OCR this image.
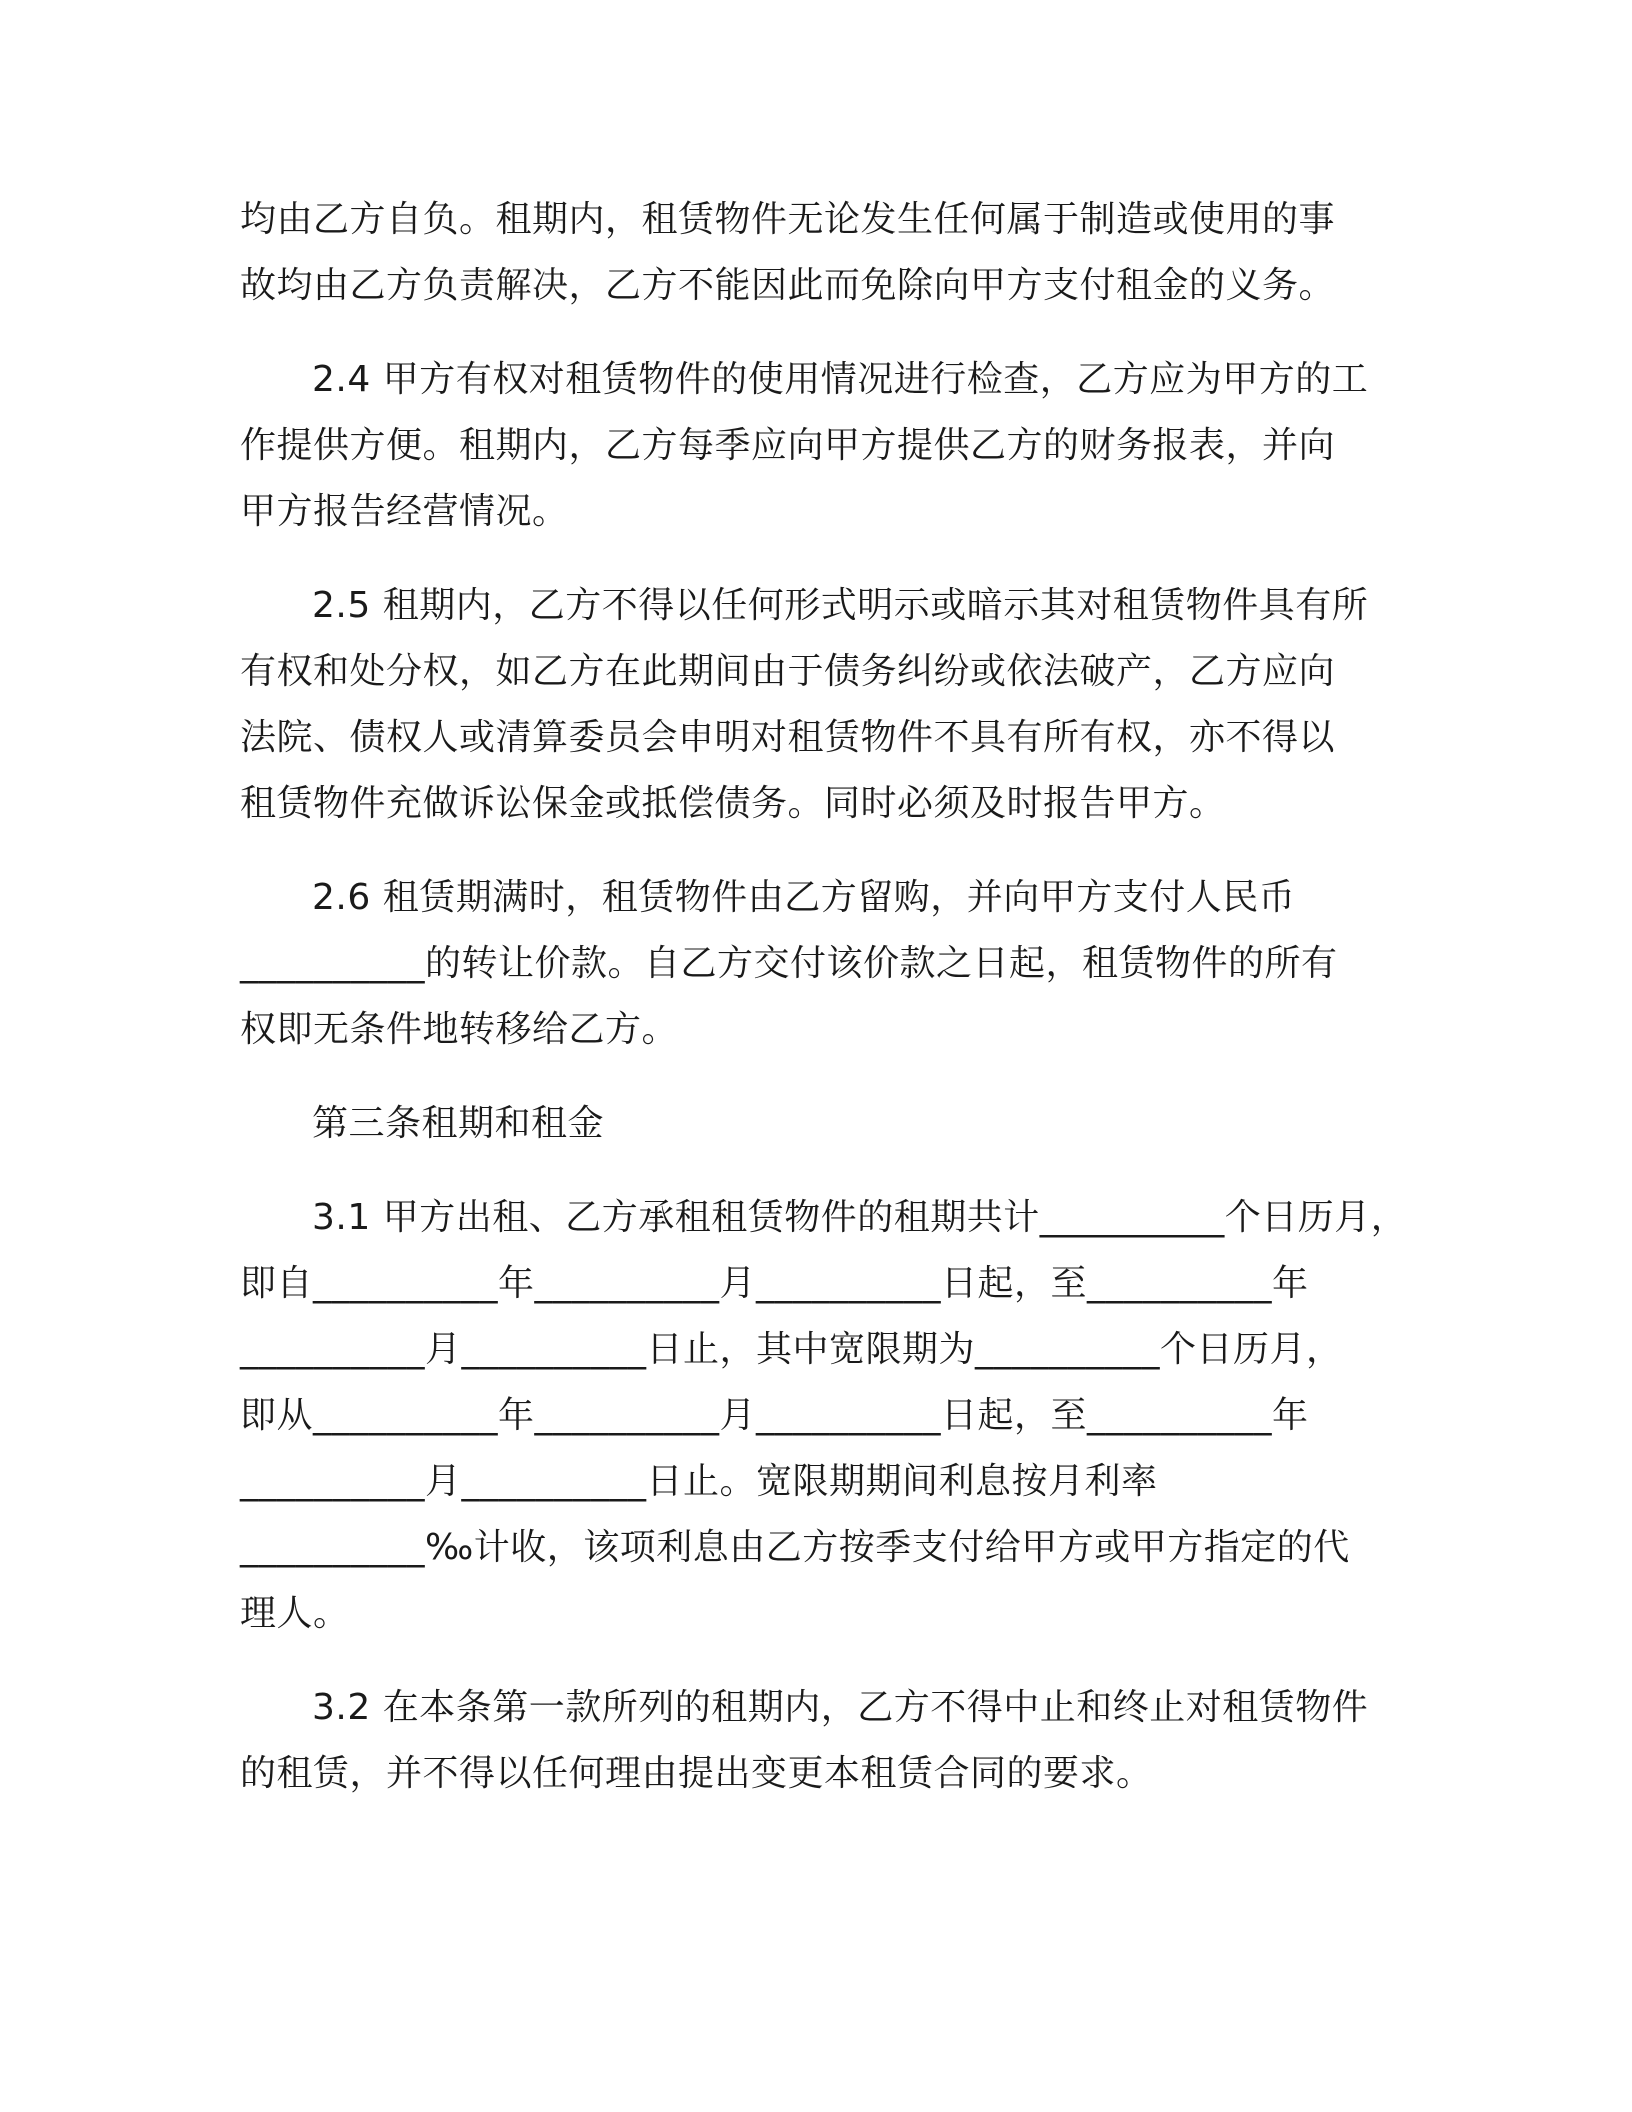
均由乙方自负。租期内，租赁物件无论发生任何属于制造或使用的事
故均由乙方负责解决，乙方不能因此而免除向甲方支付租金的义务。
2.4 甲方有权对租赁物件的使用情况进行检查，乙方应为甲方的工
作提供方便。租期内，乙方每季应向甲方提供乙方的财务报表，并向
甲方报告经营情况。
2.5 租期内，乙方不得以任何形式明示或暗示其对租赁物件具有所
有权和处分权，如乙方在此期间由于债务纠纷或依法破产，乙方应向
法院、债权人或清算委员会申明对租赁物件不具有所有权，亦不得以
租赁物件充做诉讼保金或抵偿债务。同时必须及时报告甲方。
2.6 租赁期满时，租赁物件由乙方留购，并向甲方支付人民币
__________的转让价款。自乙方交付该价款之日起，租赁物件的所有
权即无条件地转移给乙方。
第三条租期和租金
3.1 甲方出租、乙方承租租赁物件的租期共计__________个日历月，
即自__________年__________月__________日起，至__________年
__________月__________日止，其中宽限期为__________个日历月，
即从__________年__________月__________日起，至__________年
__________月__________日止。宽限期期间利息按月利率
__________‰计收，该项利息由乙方按季支付给甲方或甲方指定的代
理人。
3.2 在本条第一款所列的租期内，乙方不得中止和终止对租赁物件
的租赁，并不得以任何理由提出变更本租赁合同的要求。
